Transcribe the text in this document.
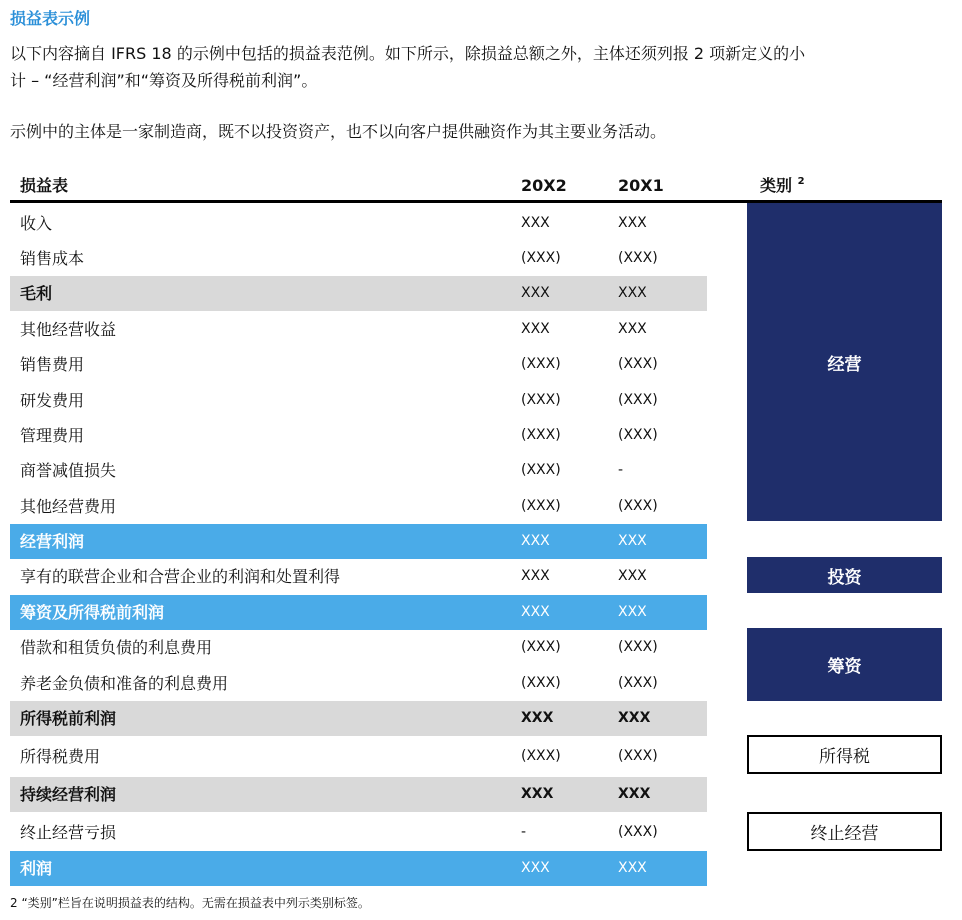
损益表示例
以下内容摘自 IFRS 18 的示例中包括的损益表范例。如下所示，除损益总额之外，主体还须列报 2 项新定义的小
计 – “经营利润”和“筹资及所得税前利润”。
示例中的主体是一家制造商，既不以投资资产，也不以向客户提供融资作为其主要业务活动。
损益表	20X2	20X1	类别 $^2$
收入	XXX	XXX
销售成本	(XXX)	(XXX)
毛利	XXX	XXX
其他经营收益	XXX	XXX
销售费用	(XXX)	(XXX)
研发费用	(XXX)	(XXX)
管理费用	(XXX)	(XXX)
商誉减值损失	(XXX)	-
其他经营费用	(XXX)	(XXX)
经营利润	XXX	XXX
享有的联营企业和合营企业的利润和处置利得	XXX	XXX
筹资及所得税前利润	XXX	XXX
借款和租赁负债的利息费用	(XXX)	(XXX)
养老金负债和准备的利息费用	(XXX)	(XXX)
所得税前利润	XXX	XXX
所得税费用	(XXX)	(XXX)
持续经营利润	XXX	XXX
终止经营亏损	-	(XXX)
利润	XXX	XXX
经营
投资
筹资
所得税
终止经营
2 “类别”栏旨在说明损益表的结构。无需在损益表中列示类别标签。
